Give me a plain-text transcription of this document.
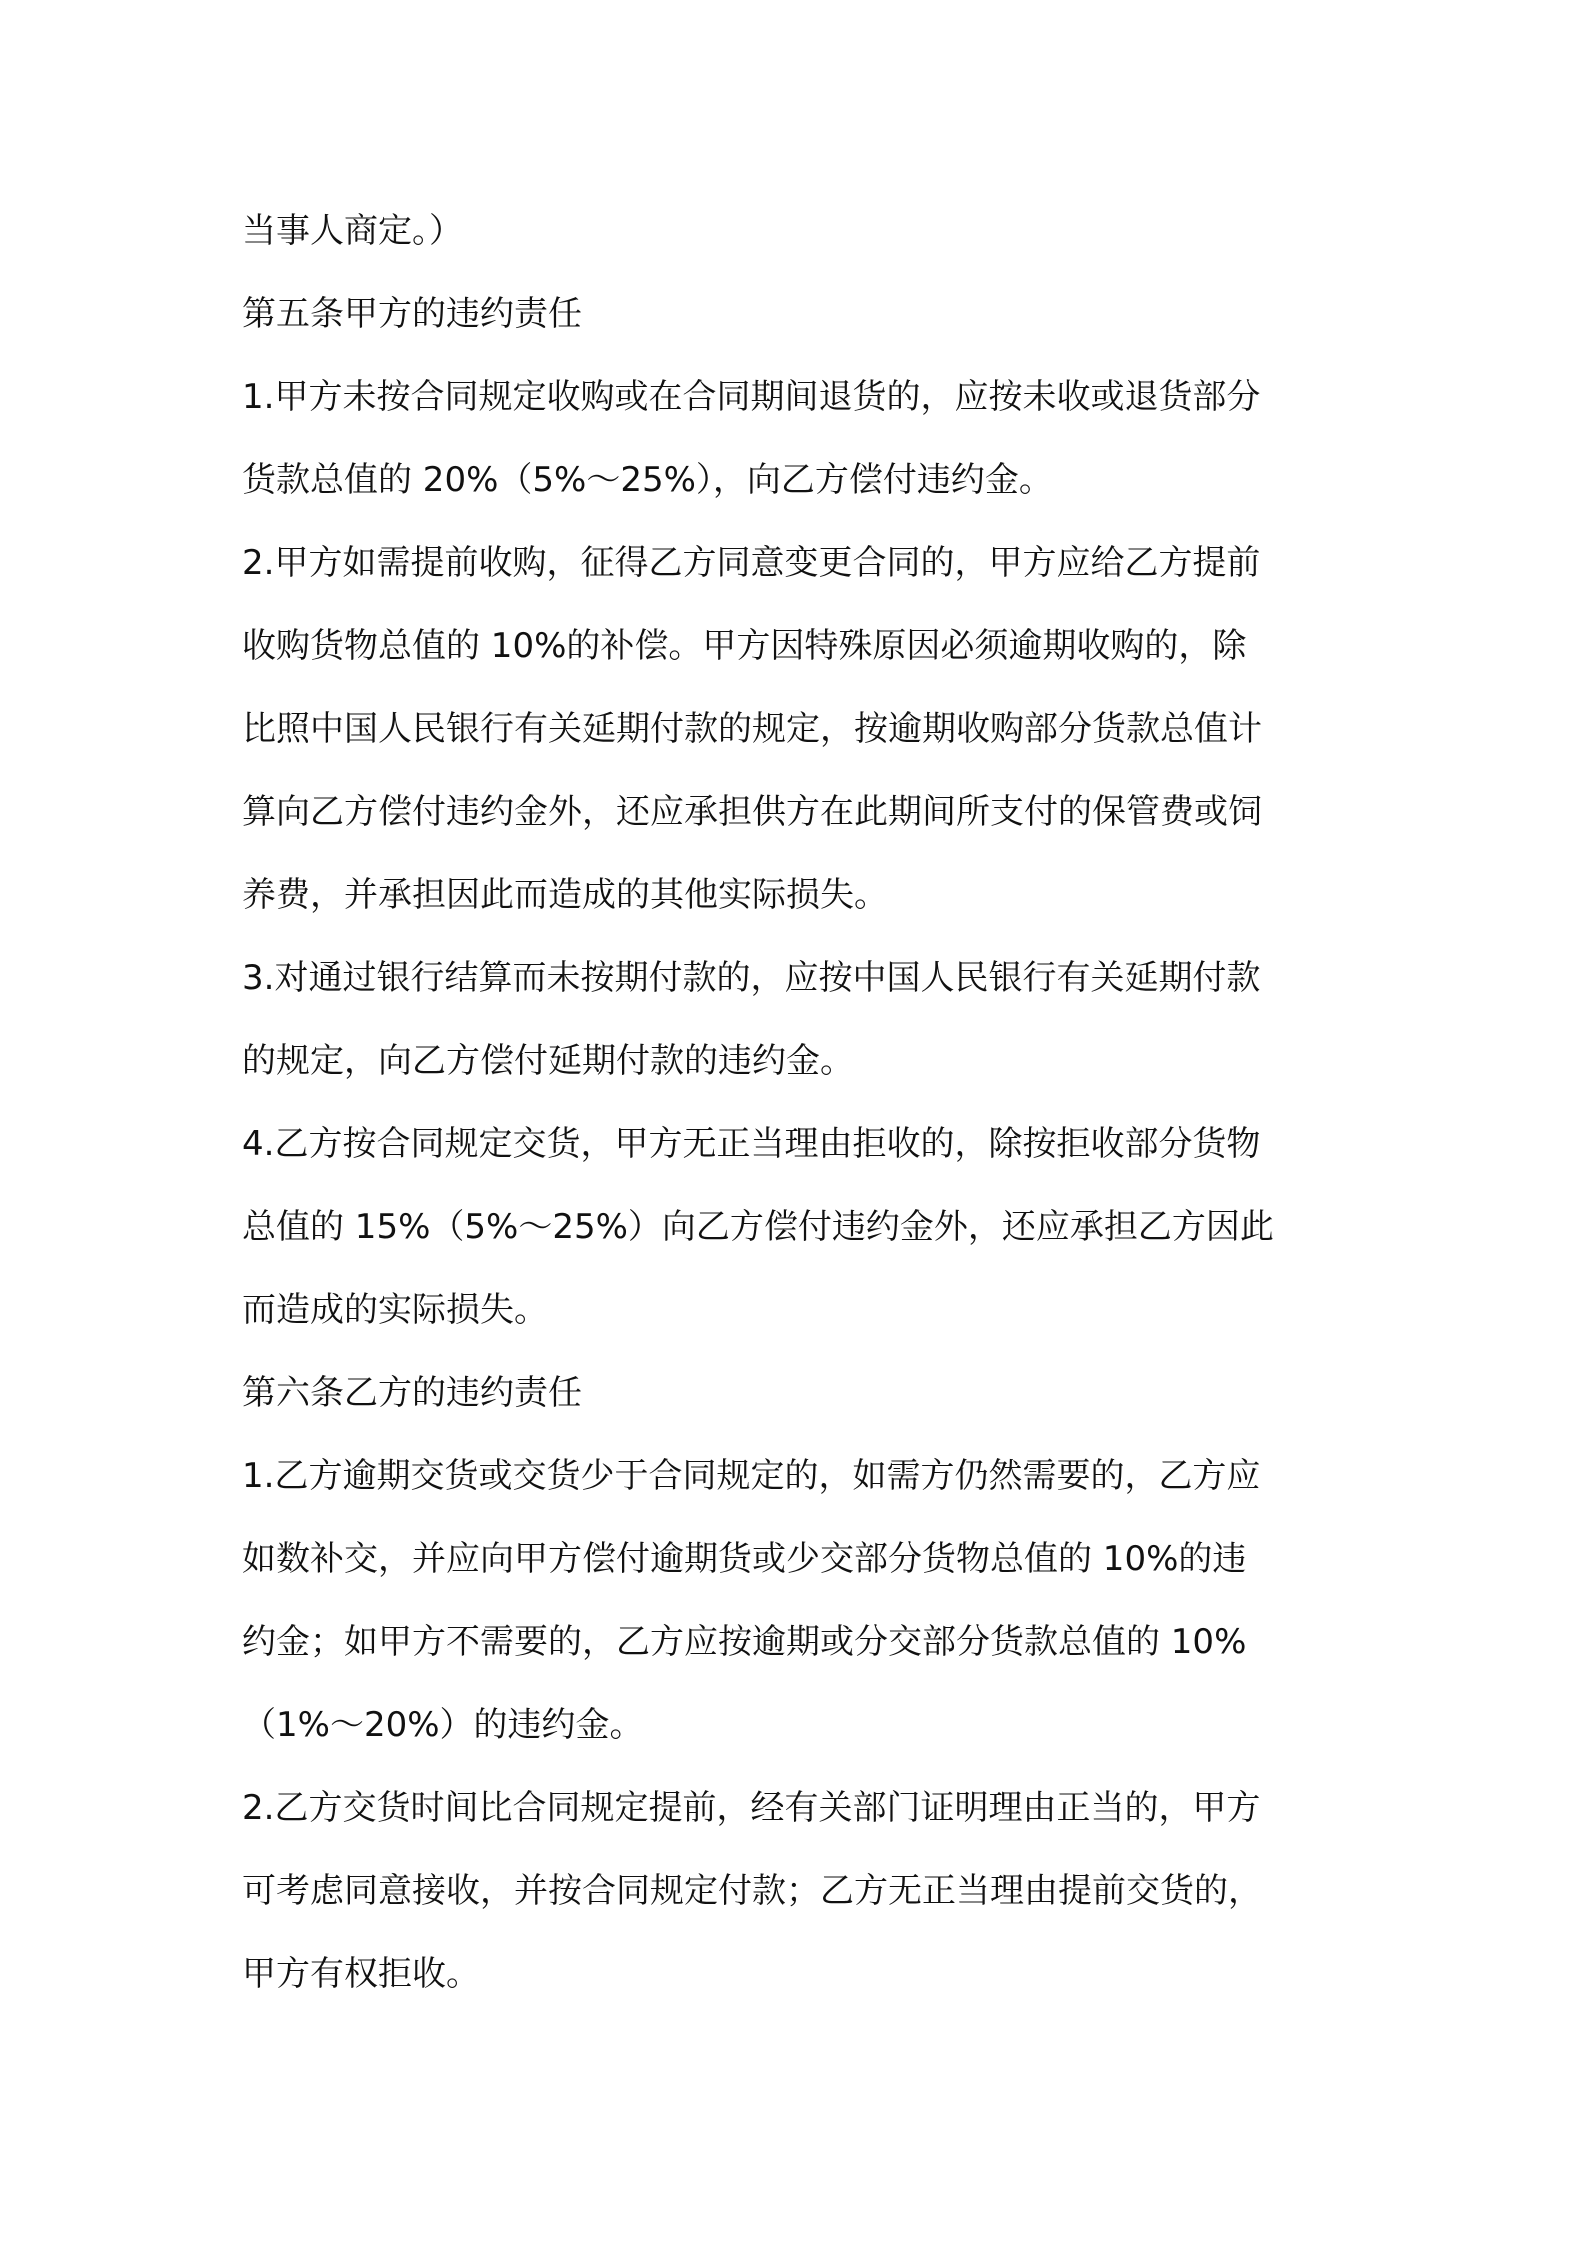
当事人商定。）
第五条甲方的违约责任
1.甲方未按合同规定收购或在合同期间退货的，应按未收或退货部分
货款总值的 20%（5%～25%），向乙方偿付违约金。
2.甲方如需提前收购，征得乙方同意变更合同的，甲方应给乙方提前
收购货物总值的 10%的补偿。甲方因特殊原因必须逾期收购的，除
比照中国人民银行有关延期付款的规定，按逾期收购部分货款总值计
算向乙方偿付违约金外，还应承担供方在此期间所支付的保管费或饲
养费，并承担因此而造成的其他实际损失。
3.对通过银行结算而未按期付款的，应按中国人民银行有关延期付款
的规定，向乙方偿付延期付款的违约金。
4.乙方按合同规定交货，甲方无正当理由拒收的，除按拒收部分货物
总值的 15%（5%～25%）向乙方偿付违约金外，还应承担乙方因此
而造成的实际损失。
第六条乙方的违约责任
1.乙方逾期交货或交货少于合同规定的，如需方仍然需要的，乙方应
如数补交，并应向甲方偿付逾期货或少交部分货物总值的 10%的违
约金；如甲方不需要的，乙方应按逾期或分交部分货款总值的 10%
（1%～20%）的违约金。
2.乙方交货时间比合同规定提前，经有关部门证明理由正当的，甲方
可考虑同意接收，并按合同规定付款；乙方无正当理由提前交货的，
甲方有权拒收。
